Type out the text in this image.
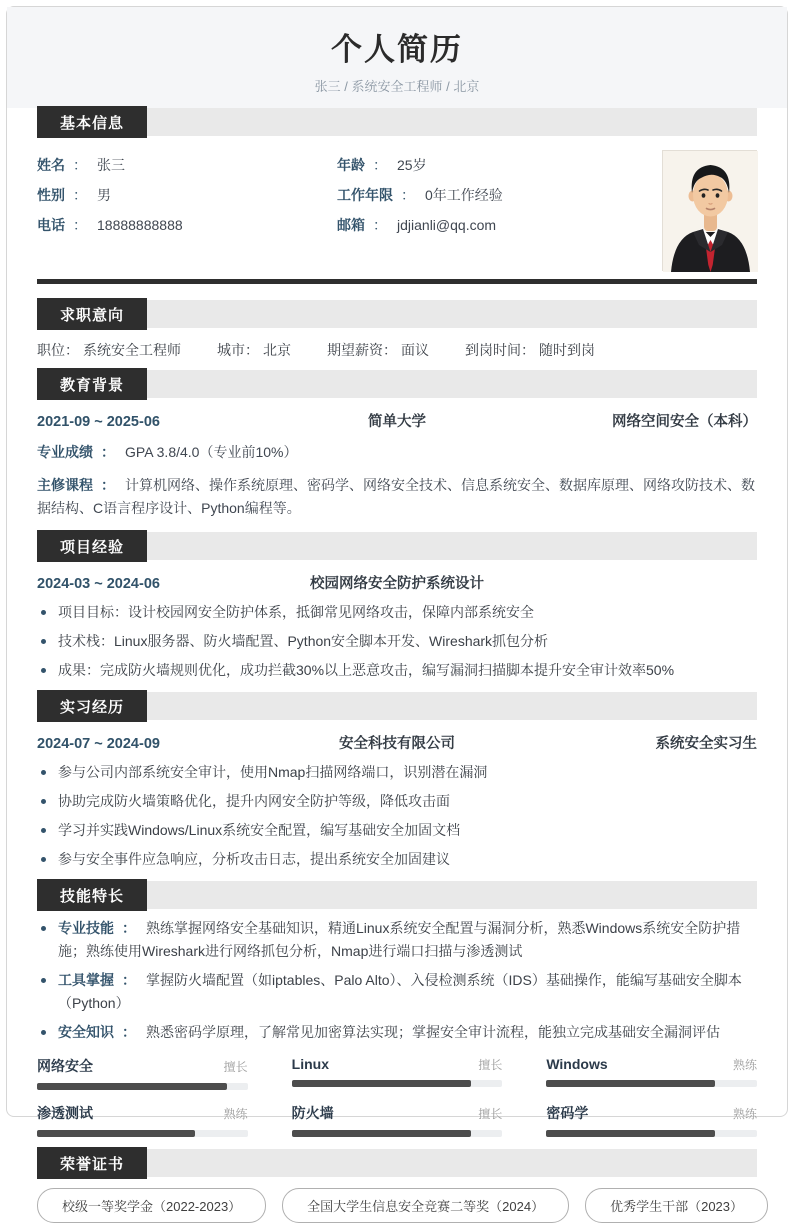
个人简历
张三 / 系统安全工程师 / 北京
基本信息
姓名 ： 张三
性别 ： 男
电话 ： 18888888888
年龄 ： 25岁
工作年限 ： 0年工作经验
邮箱 ： jdjianli@qq.com
求职意向
职位： 系统安全工程师	城市： 北京	期望薪资： 面议	到岗时间： 随时到岗
教育背景
2021-09 ~ 2025-06	简单大学	网络空间安全（本科）
专业成绩 ： GPA 3.8/4.0（专业前10%）
主修课程 ： 计算机网络、操作系统原理、密码学、网络安全技术、信息系统安全、数据库原理、网络攻防技术、数据结构、C语言程序设计、Python编程等。
项目经验
2024-03 ~ 2024-06	校园网络安全防护系统设计
项目目标：设计校园网安全防护体系，抵御常见网络攻击，保障内部系统安全
技术栈：Linux服务器、防火墙配置、Python安全脚本开发、Wireshark抓包分析
成果：完成防火墙规则优化，成功拦截30%以上恶意攻击，编写漏洞扫描脚本提升安全审计效率50%
实习经历
2024-07 ~ 2024-09	安全科技有限公司	系统安全实习生
参与公司内部系统安全审计，使用Nmap扫描网络端口，识别潜在漏洞
协助完成防火墙策略优化，提升内网安全防护等级，降低攻击面
学习并实践Windows/Linux系统安全配置，编写基础安全加固文档
参与安全事件应急响应，分析攻击日志，提出系统安全加固建议
技能特长
专业技能 ： 熟练掌握网络安全基础知识，精通Linux系统安全配置与漏洞分析，熟悉Windows系统安全防护措施；熟练使用Wireshark进行网络抓包分析，Nmap进行端口扫描与渗透测试
工具掌握 ： 掌握防火墙配置（如iptables、Palo Alto）、入侵检测系统（IDS）基础操作，能编写基础安全脚本（Python）
安全知识 ： 熟悉密码学原理，了解常见加密算法实现；掌握安全审计流程，能独立完成基础安全漏洞评估
网络安全	擅长	Linux	擅长	Windows	熟练
渗透测试	熟练	防火墙	擅长	密码学	熟练
荣誉证书
校级一等奖学金（2022-2023）	全国大学生信息安全竞赛二等奖（2024）	优秀学生干部（2023）
